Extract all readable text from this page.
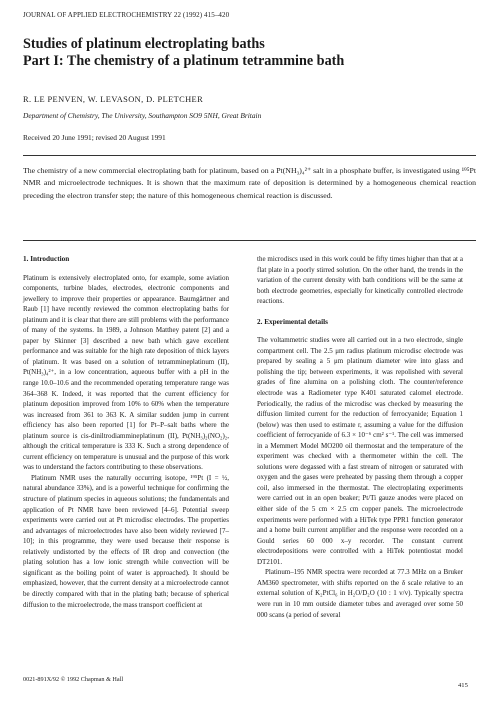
JOURNAL OF APPLIED ELECTROCHEMISTRY 22 (1992) 415–420
Studies of platinum electroplating baths
Part I: The chemistry of a platinum tetrammine bath
R. LE PENVEN, W. LEVASON, D. PLETCHER
Department of Chemistry, The University, Southampton SO9 5NH, Great Britain
Received 20 June 1991; revised 20 August 1991
The chemistry of a new commercial electroplating bath for platinum, based on a Pt(NH₃)₄²⁺ salt in a phosphate buffer, is investigated using ¹⁹⁵Pt NMR and microelectrode techniques. It is shown that the maximum rate of deposition is determined by a homogeneous chemical reaction preceding the electron transfer step; the nature of this homogeneous chemical reaction is discussed.
1. Introduction

Platinum is extensively electroplated onto, for example, some aviation components, turbine blades, electrodes, electronic components and jewellery to improve their properties or appearance. Baumgärtner and Raub [1] have recently reviewed the common electroplating baths for platinum and it is clear that there are still problems with the performance of many of the systems. In 1989, a Johnson Matthey patent [2] and a paper by Skinner [3] described a new bath which gave excellent performance and was suitable for the high rate deposition of thick layers of platinum. It was based on a solution of tetrammineplatinum (II), Pt(NH₃)₄²⁺, in a low concentration, aqueous buffer with a pH in the range 10.0–10.6 and the recommended operating temperature range was 364–368 K. Indeed, it was reported that the current efficiency for platinum deposition improved from 10% to 60% when the temperature was increased from 361 to 363 K. A similar sudden jump in current efficiency has also been reported [1] for Pt–P–salt baths where the platinum source is cis-diniltrodiammineplatinum (II), Pt(NH₃)₂(NO₂)₂, although the critical temperature is 333 K. Such a strong dependence of current efficiency on temperature is unusual and the purpose of this work was to understand the factors contributing to these observations.

Platinum NMR uses the naturally occurring isotope, ¹⁹⁵Pt (I = ½, natural abundance 33%), and is a powerful technique for confirming the structure of platinum species in aqueous solutions; the fundamentals and application of Pt NMR have been reviewed [4–6]. Potential sweep experiments were carried out at Pt microdisc electrodes. The properties and advantages of microelectrodes have also been widely reviewed [7–10]; in this programme, they were used because their response is relatively undistorted by the effects of IR drop and convection (the plating solution has a low ionic strength while convection will be significant as the boiling point of water is approached). It should be emphasized, however, that the current density at a microelectrode cannot be directly compared with that in the plating bath; because of spherical diffusion to the microelectrode, the mass transport coefficient at

the microdiscs used in this work could be fifty times higher than that at a flat plate in a poorly stirred solution. On the other hand, the trends in the variation of the current density with bath conditions will be the same at both electrode geometries, especially for kinetically controlled electrode reactions.

2. Experimental details

The voltammetric studies were all carried out in a two electrode, single compartment cell. The 2.5 μm radius platinum microdisc electrode was prepared by sealing a 5 μm platinum diameter wire into glass and polishing the tip; between experiments, it was repolished with several grades of fine alumina on a polishing cloth. The counter/reference electrode was a Radiometer type K401 saturated calomel electrode. Periodically, the radius of the microdisc was checked by measuring the diffusion limited current for the reduction of ferrocyanide; Equation 1 (below) was then used to estimate r, assuming a value for the diffusion coefficient of ferrocyanide of 6.3 × 10⁻⁶ cm² s⁻¹. The cell was immersed in a Memmert Model MO200 oil thermostat and the temperature of the experiment was checked with a thermometer within the cell. The solutions were degassed with a fast stream of nitrogen or saturated with oxygen and the gases were preheated by passing them through a copper coil, also immersed in the thermostat. The electroplating experiments were carried out in an open beaker; Pt/Ti gauze anodes were placed on either side of the 5 cm × 2.5 cm copper panels. The microelectrode experiments were performed with a HiTek type PPR1 function generator and a home built current amplifier and the response were recorded on a Gould series 60 000 x–y recorder. The constant current electrodepositions were controlled with a HiTek potentiostat model DT2101.

Platinum–195 NMR spectra were recorded at 77.3 MHz on a Bruker AM360 spectrometer, with shifts reported on the δ scale relative to an external solution of K₂PtCl₆ in H₂O/D₂O (10 : 1 v/v). Typically spectra were run in 10 mm outside diameter tubes and averaged over some 50 000 scans (a period of several

0021-891X/92 © 1992 Chapman & Hall
415
